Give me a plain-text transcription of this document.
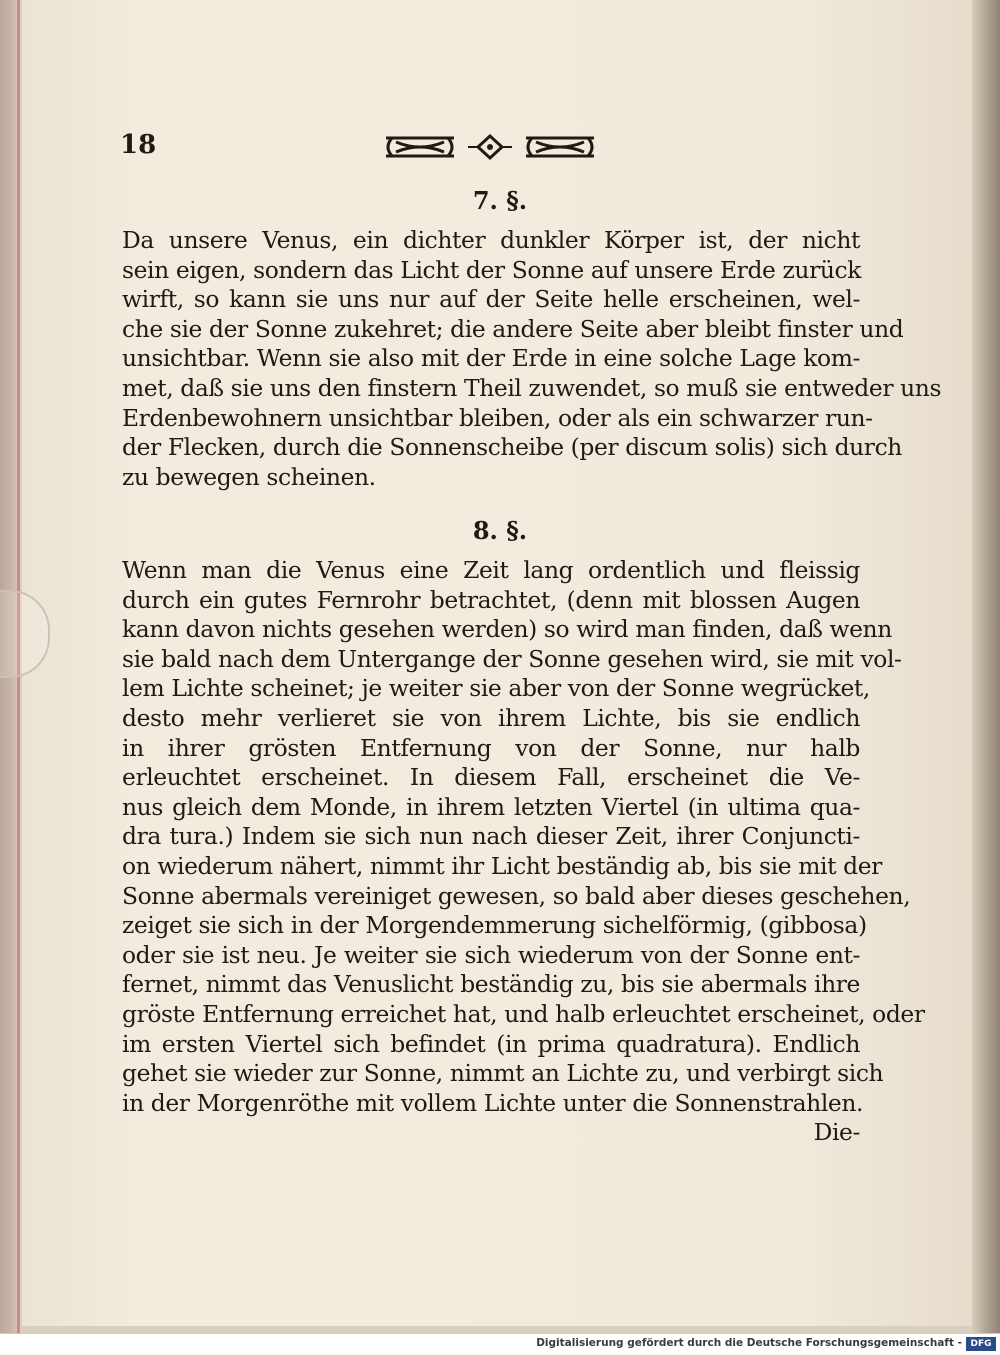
18
7. §.

Da unsere Venus, ein dichter dunkler Körper ist, der nicht
sein eigen, sondern das Licht der Sonne auf unsere Erde zurück
wirft, so kann sie uns nur auf der Seite helle erscheinen, wel-
che sie der Sonne zukehret; die andere Seite aber bleibt finster und
unsichtbar. Wenn sie also mit der Erde in eine solche Lage kom-
met, daß sie uns den finstern Theil zuwendet, so muß sie entweder uns
Erdenbewohnern unsichtbar bleiben, oder als ein schwarzer run-
der Flecken, durch die Sonnenscheibe (per discum solis) sich durch
zu bewegen scheinen.

8. §.

Wenn man die Venus eine Zeit lang ordentlich und fleissig
durch ein gutes Fernrohr betrachtet, (denn mit blossen Augen
kann davon nichts gesehen werden) so wird man finden, daß wenn
sie bald nach dem Untergange der Sonne gesehen wird, sie mit vol-
lem Lichte scheinet; je weiter sie aber von der Sonne wegrücket,
desto mehr verlieret sie von ihrem Lichte, bis sie endlich
in ihrer grösten Entfernung von der Sonne, nur halb
erleuchtet erscheinet. In diesem Fall, erscheinet die Ve-
nus gleich dem Monde, in ihrem letzten Viertel (in ultima qua-
dra tura.) Indem sie sich nun nach dieser Zeit, ihrer Conjuncti-
on wiederum nähert, nimmt ihr Licht beständig ab, bis sie mit der
Sonne abermals vereiniget gewesen, so bald aber dieses geschehen,
zeiget sie sich in der Morgendemmerung sichelförmig, (gibbosa)
oder sie ist neu. Je weiter sie sich wiederum von der Sonne ent-
fernet, nimmt das Venuslicht beständig zu, bis sie abermals ihre
gröste Entfernung erreichet hat, und halb erleuchtet erscheinet, oder
im ersten Viertel sich befindet (in prima quadratura). Endlich
gehet sie wieder zur Sonne, nimmt an Lichte zu, und verbirgt sich
in der Morgenröthe mit vollem Lichte unter die Sonnenstrahlen.
Die-

Digitalisierung gefördert durch die Deutsche Forschungsgemeinschaft - DFG
